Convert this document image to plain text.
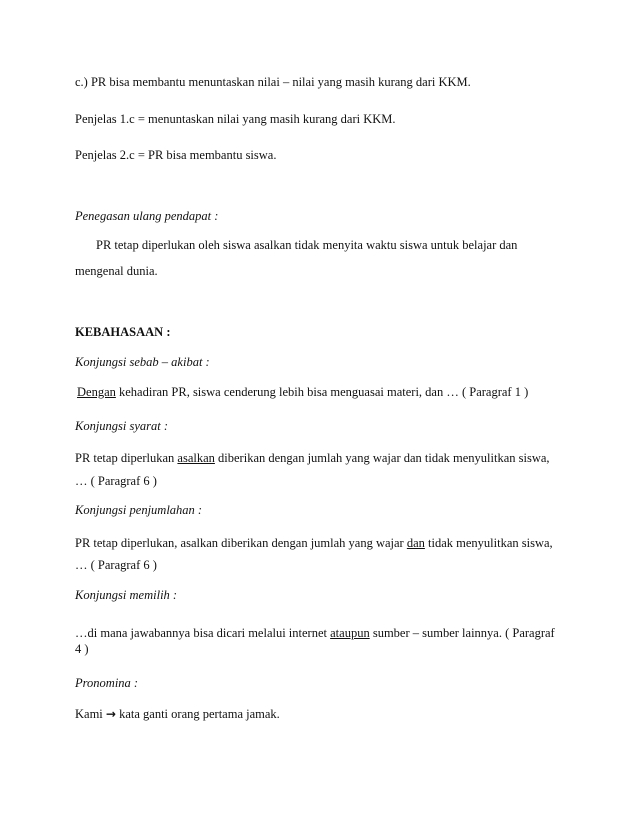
c.) PR bisa membantu menuntaskan nilai – nilai yang masih kurang dari KKM.
Penjelas 1.c = menuntaskan nilai yang masih kurang dari KKM.
Penjelas 2.c = PR bisa membantu siswa.
Penegasan ulang pendapat :
PR tetap diperlukan oleh siswa asalkan tidak menyita waktu siswa untuk belajar dan
mengenal dunia.
KEBAHASAAN :
Konjungsi sebab – akibat :
Dengan kehadiran PR, siswa cenderung lebih bisa menguasai materi, dan … ( Paragraf 1 )
Konjungsi syarat :
PR tetap diperlukan asalkan diberikan dengan jumlah yang wajar dan tidak menyulitkan siswa,
… ( Paragraf 6 )
Konjungsi penjumlahan :
PR tetap diperlukan, asalkan diberikan dengan jumlah yang wajar dan tidak menyulitkan siswa,
… ( Paragraf 6 )
Konjungsi memilih :
…di mana jawabannya bisa dicari melalui internet ataupun sumber – sumber lainnya. ( Paragraf
4 )
Pronomina :
Kami → kata ganti orang pertama jamak.
